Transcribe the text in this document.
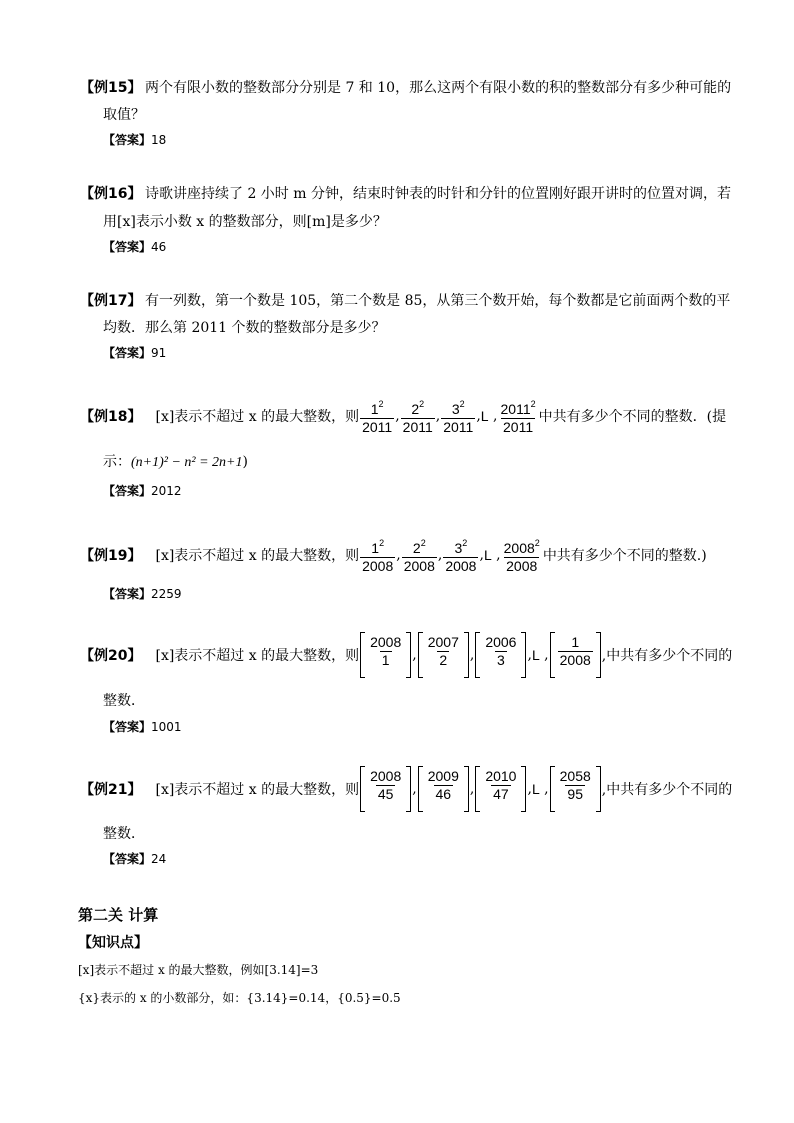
【例15】 两个有限小数的整数部分分别是 7 和 10，那么这两个有限小数的积的整数部分有多少种可能的
取值？
【答案】18
【例16】 诗歌讲座持续了 2 小时 m 分钟，结束时钟表的时针和分针的位置刚好跟开讲时的位置对调，若
用[x]表示小数 x 的整数部分，则[m]是多少？
【答案】46
【例17】 有一列数，第一个数是 105，第二个数是 85，从第三个数开始，每个数都是它前面两个数的平
均数．那么第 2011 个数的整数部分是多少？
【答案】91
【例18】 [x]表示不超过 x 的最大整数，则 $\frac{1^2}{2011}$ , $\frac{2^2}{2011}$ , $\frac{3^2}{2011}$ , L , $\frac{2011^2}{2011}$ 中共有多少个不同的整数．(提
示：(n+1)² − n² = 2n+1)
【答案】2012
【例19】 [x]表示不超过 x 的最大整数，则 $\frac{1^2}{2008}$ , $\frac{2^2}{2008}$ , $\frac{3^2}{2008}$ , L , $\frac{2008^2}{2008}$ 中共有多少个不同的整数.)
【答案】2259
【例20】 [x]表示不超过 x 的最大整数，则 $\frac{2008}{1}$ , $\frac{2007}{2}$ , $\frac{2006}{3}$ , L , $\frac{1}{2008}$ ,中共有多少个不同的
整数．
【答案】1001
【例21】 [x]表示不超过 x 的最大整数，则 $\frac{2008}{45}$ , $\frac{2009}{46}$ , $\frac{2010}{47}$ , L , $\frac{2058}{95}$ ,中共有多少个不同的
整数．
【答案】24
第二关 计算
【知识点】
[x]表示不超过 x 的最大整数，例如[3.14]=3
{x}表示的 x 的小数部分，如：{3.14}=0.14，{0.5}=0.5
